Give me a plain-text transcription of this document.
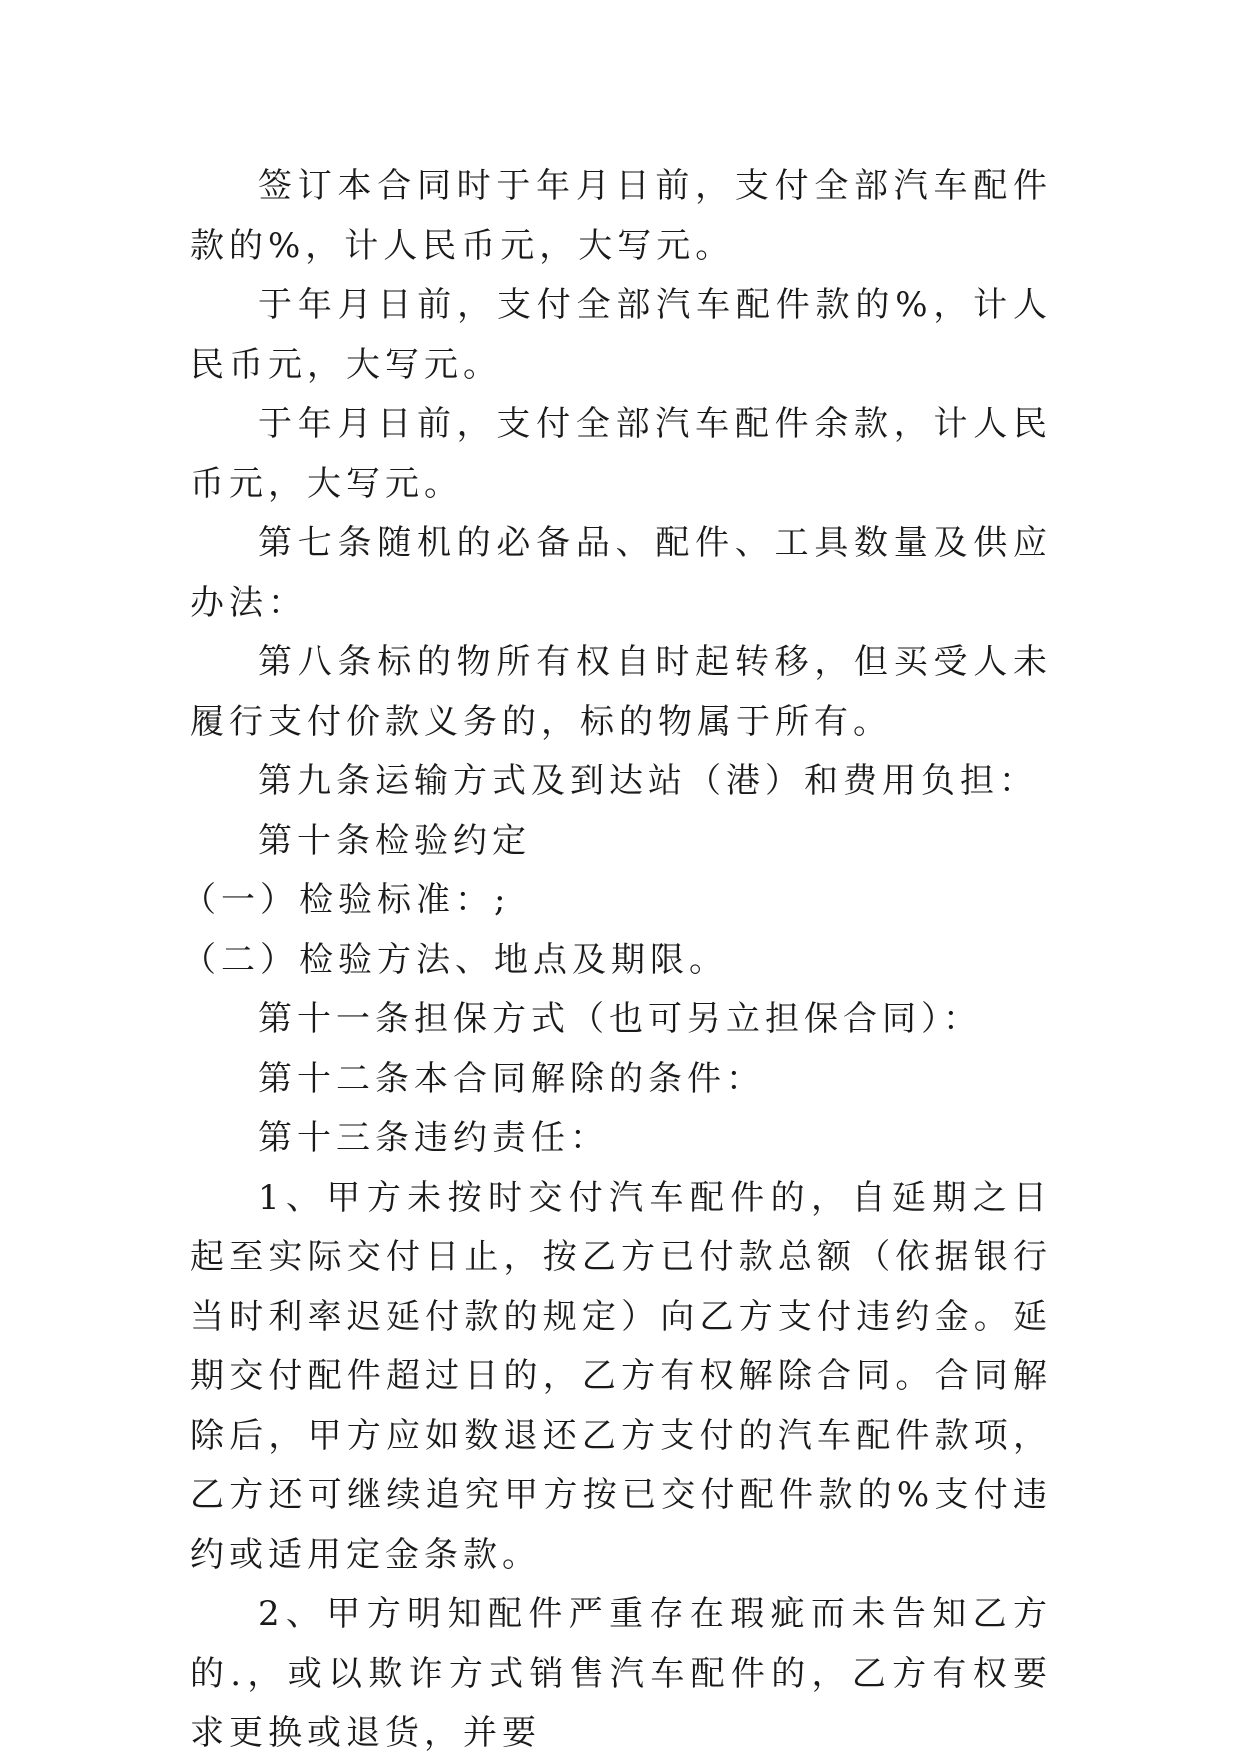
签订本合同时于年月日前，支付全部汽车配件款的%，计人民币元，大写元。

于年月日前，支付全部汽车配件款的%，计人民币元，大写元。

于年月日前，支付全部汽车配件余款，计人民币元，大写元。

第七条随机的必备品、配件、工具数量及供应办法：

第八条标的物所有权自时起转移，但买受人未履行支付价款义务的，标的物属于所有。

第九条运输方式及到达站（港）和费用负担：

第十条检验约定

（一）检验标准：;

（二）检验方法、地点及期限。

第十一条担保方式（也可另立担保合同）：

第十二条本合同解除的条件：

第十三条违约责任：

1、甲方未按时交付汽车配件的，自延期之日起至实际交付日止，按乙方已付款总额（依据银行当时利率迟延付款的规定）向乙方支付违约金。延期交付配件超过日的，乙方有权解除合同。合同解除后，甲方应如数退还乙方支付的汽车配件款项，乙方还可继续追究甲方按已交付配件款的%支付违约或适用定金条款。

2、甲方明知配件严重存在瑕疵而未告知乙方的.，或以欺诈方式销售汽车配件的，乙方有权要求更换或退货，并要
